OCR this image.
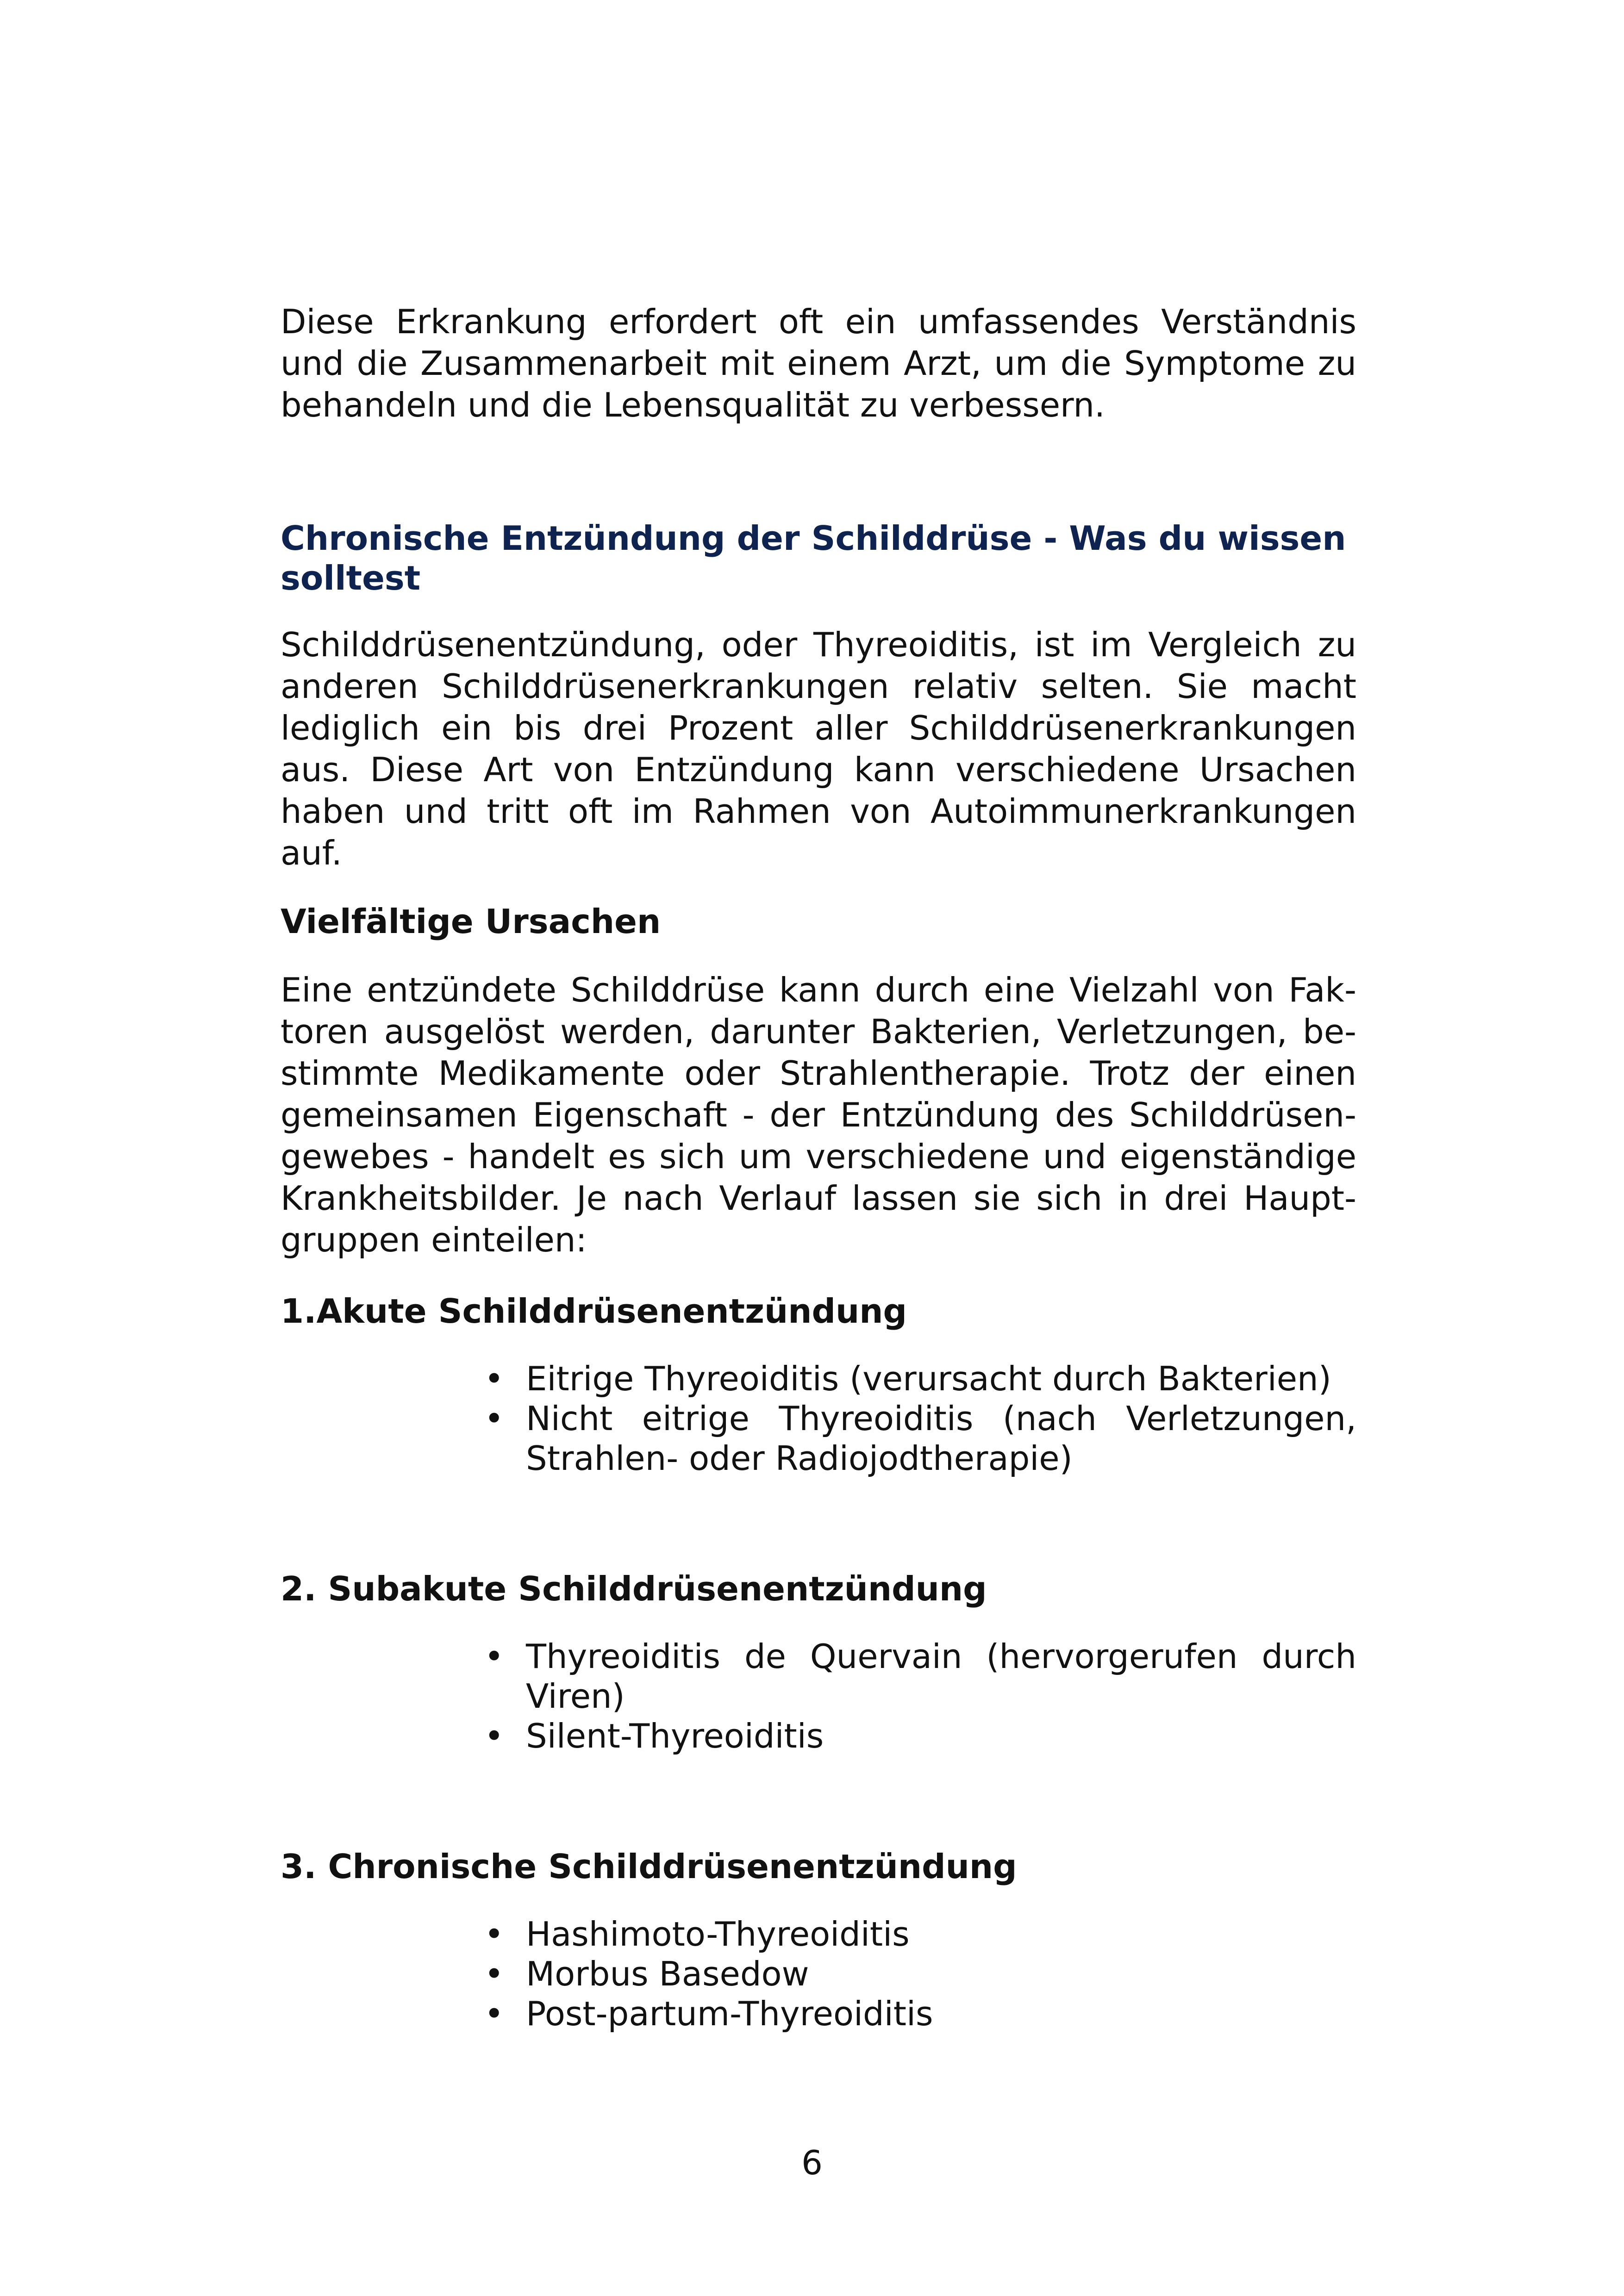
Diese Erkrankung erfordert oft ein umfassendes Verständnis und die Zusammenarbeit mit einem Arzt, um die Symptome zu behandeln und die Lebensqualität zu verbessern.

Chronische Entzündung der Schilddrüse - Was du wissen solltest

Schilddrüsenentzündung, oder Thyreoiditis, ist im Vergleich zu anderen Schilddrüsenerkrankungen relativ selten. Sie macht lediglich ein bis drei Prozent aller Schilddrüsenerkrankungen aus. Diese Art von Entzündung kann verschiedene Ursachen haben und tritt oft im Rahmen von Autoimmunerkrankungen auf.

Vielfältige Ursachen

Eine entzündete Schilddrüse kann durch eine Vielzahl von Faktoren ausgelöst werden, darunter Bakterien, Verletzungen, bestimmte Medikamente oder Strahlentherapie. Trotz der einen gemeinsamen Eigenschaft - der Entzündung des Schilddrüsengewebes - handelt es sich um verschiedene und eigenständige Krankheitsbilder. Je nach Verlauf lassen sie sich in drei Hauptgruppen einteilen:

1.Akute Schilddrüsenentzündung
• Eitrige Thyreoiditis (verursacht durch Bakterien)
• Nicht eitrige Thyreoiditis (nach Verletzungen, Strahlen- oder Radiojodtherapie)
2. Subakute Schilddrüsenentzündung
• Thyreoiditis de Quervain (hervorgerufen durch Viren)
• Silent-Thyreoiditis
3. Chronische Schilddrüsenentzündung
• Hashimoto-Thyreoiditis
• Morbus Basedow
• Post-partum-Thyreoiditis
6
